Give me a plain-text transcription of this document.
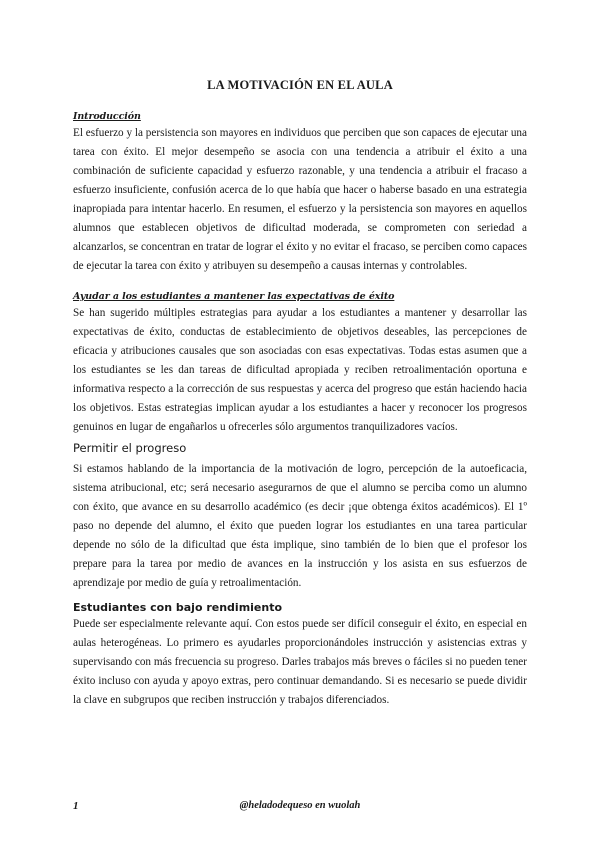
LA MOTIVACIÓN EN EL AULA
Introducción

El esfuerzo y la persistencia son mayores en individuos que perciben que son capaces de ejecutar una tarea con éxito. El mejor desempeño se asocia con una tendencia a atribuir el éxito a una combinación de suficiente capacidad y esfuerzo razonable, y una tendencia a atribuir el fracaso a esfuerzo insuficiente, confusión acerca de lo que había que hacer o haberse basado en una estrategia inapropiada para intentar hacerlo. En resumen, el esfuerzo y la persistencia son mayores en aquellos alumnos que establecen objetivos de dificultad moderada, se comprometen con seriedad a alcanzarlos, se concentran en tratar de lograr el éxito y no evitar el fracaso, se perciben como capaces de ejecutar la tarea con éxito y atribuyen su desempeño a causas internas y controlables.

Ayudar a los estudiantes a mantener las expectativas de éxito

Se han sugerido múltiples estrategias para ayudar a los estudiantes a mantener y desarrollar las expectativas de éxito, conductas de establecimiento de objetivos deseables, las percepciones de eficacia y atribuciones causales que son asociadas con esas expectativas. Todas estas asumen que a los estudiantes se les dan tareas de dificultad apropiada y reciben retroalimentación oportuna e informativa respecto a la corrección de sus respuestas y acerca del progreso que están haciendo hacia los objetivos. Estas estrategias implican ayudar a los estudiantes a hacer y reconocer los progresos genuinos en lugar de engañarlos u ofrecerles sólo argumentos tranquilizadores vacíos.

Permitir el progreso

Si estamos hablando de la importancia de la motivación de logro, percepción de la autoeficacia, sistema atribucional, etc; será necesario asegurarnos de que el alumno se perciba como un alumno con éxito, que avance en su desarrollo académico (es decir ¡que obtenga éxitos académicos). El 1º paso no depende del alumno, el éxito que pueden lograr los estudiantes en una tarea particular depende no sólo de la dificultad que ésta implique, sino también de lo bien que el profesor los prepare para la tarea por medio de avances en la instrucción y los asista en sus esfuerzos de aprendizaje por medio de guía y retroalimentación.

Estudiantes con bajo rendimiento

Puede ser especialmente relevante aquí. Con estos puede ser difícil conseguir el éxito, en especial en aulas heterogéneas. Lo primero es ayudarles proporcionándoles instrucción y asistencias extras y supervisando con más frecuencia su progreso. Darles trabajos más breves o fáciles si no pueden tener éxito incluso con ayuda y apoyo extras, pero continuar demandando. Si es necesario se puede dividir la clave en subgrupos que reciben instrucción y trabajos diferenciados.

1	@heladodequeso en wuolah
